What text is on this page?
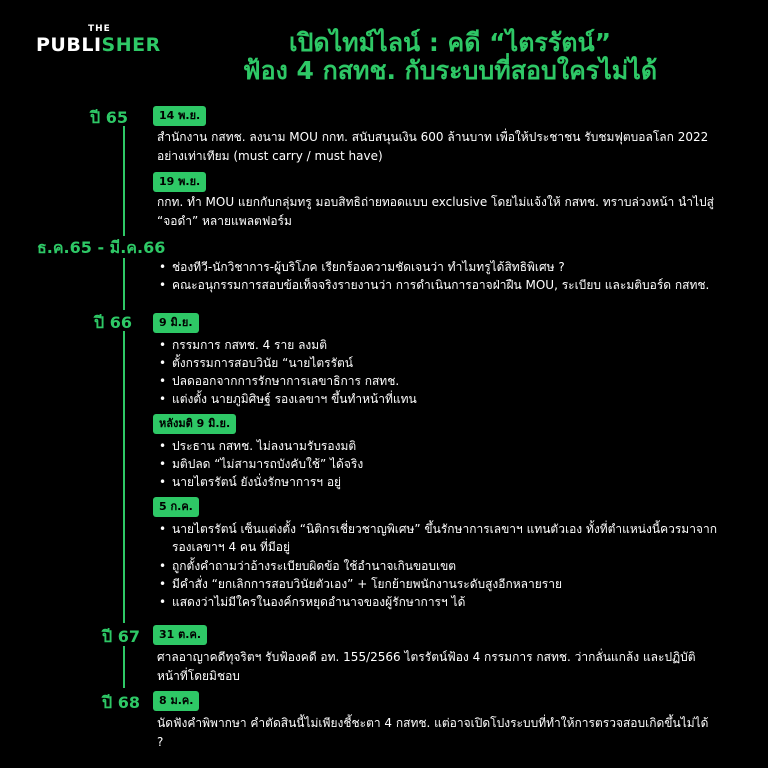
THE
PUBLISHER	เปิดไทม์ไลน์ : คดี “ไตรรัตน์”
ฟ้อง 4 กสทช. กับระบบที่สอบใครไม่ได้
ปี 65	14 พ.ย.
สำนักงาน กสทช. ลงนาม MOU กกท. สนับสนุนเงิน 600 ล้านบาท เพื่อให้ประชาชน รับชมฟุตบอลโลก 2022 อย่างเท่าเทียม (must carry / must have)
19 พ.ย.
กกท. ทำ MOU แยกกับกลุ่มทรู มอบสิทธิถ่ายทอดแบบ exclusive โดยไม่แจ้งให้ กสทช. ทราบล่วงหน้า นำไปสู่ “จอดำ” หลายแพลตฟอร์ม
ธ.ค.65 - มี.ค.66
• ช่องทีวี-นักวิชาการ-ผู้บริโภค เรียกร้องความชัดเจนว่า ทำไมทรูได้สิทธิพิเศษ ?
• คณะอนุกรรมการสอบข้อเท็จจริงรายงานว่า การดำเนินการอาจฝ่าฝืน MOU, ระเบียบ และมติบอร์ด กสทช.
ปี 66	9 มิ.ย.
• กรรมการ กสทช. 4 ราย ลงมติ
• ตั้งกรรมการสอบวินัย “นายไตรรัตน์
• ปลดออกจากการรักษาการเลขาธิการ กสทช.
• แต่งตั้ง นายภูมิศิษฐ์ รองเลขาฯ ขึ้นทำหน้าที่แทน
หลังมติ 9 มิ.ย.
• ประธาน กสทช. ไม่ลงนามรับรองมติ
• มติปลด “ไม่สามารถบังคับใช้” ได้จริง
• นายไตรรัตน์ ยังนั่งรักษาการฯ อยู่
5 ก.ค.
• นายไตรรัตน์ เซ็นแต่งตั้ง “นิติกรเชี่ยวชาญพิเศษ” ขึ้นรักษาการเลขาฯ แทนตัวเอง ทั้งที่ตำแหน่งนี้ควรมาจาก รองเลขาฯ 4 คน ที่มีอยู่
• ถูกตั้งคำถามว่าอ้างระเบียบผิดข้อ ใช้อำนาจเกินขอบเขต
• มีคำสั่ง “ยกเลิกการสอบวินัยตัวเอง” + โยกย้ายพนักงานระดับสูงอีกหลายราย
• แสดงว่าไม่มีใครในองค์กรหยุดอำนาจของผู้รักษาการฯ ได้
ปี 67	31 ต.ค.
ศาลอาญาคดีทุจริตฯ รับฟ้องคดี อท. 155/2566 ไตรรัตน์ฟ้อง 4 กรรมการ กสทช. ว่ากลั่นแกล้ง และปฏิบัติหน้าที่โดยมิชอบ
ปี 68	8 ม.ค.
นัดฟังคำพิพากษา คำตัดสินนี้ไม่เพียงชี้ชะตา 4 กสทช. แต่อาจเปิดโปงระบบที่ทำให้การตรวจสอบเกิดขึ้นไม่ได้ ?
